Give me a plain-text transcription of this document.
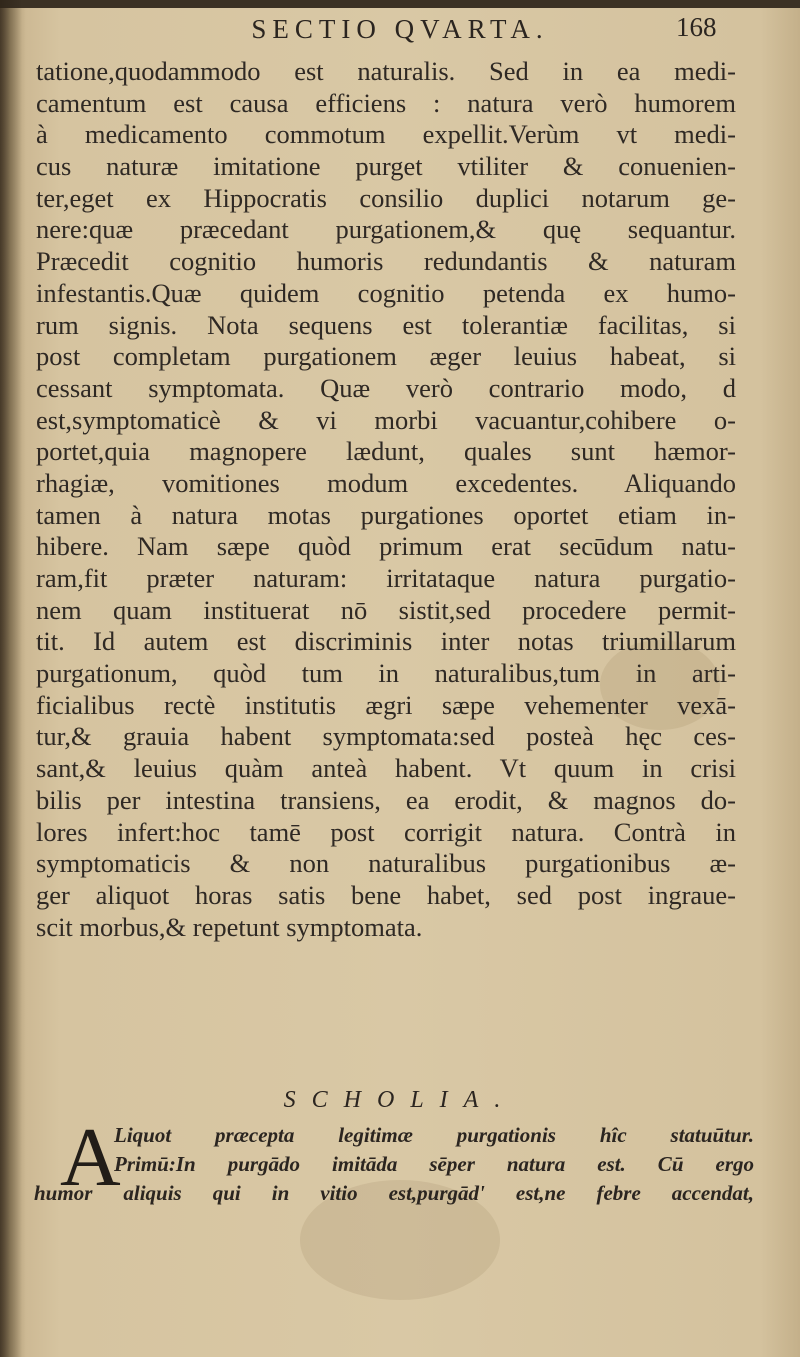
SECTIO QVARTA.	168
tatione,quodammodo est naturalis. Sed in ea medi-
camentum est causa efficiens : natura verò humorem
à medicamento commotum expellit.Verùm vt medi-
cus naturæ imitatione purget vtiliter & conuenien-
ter,eget ex Hippocratis consilio duplici notarum ge-
nere:quæ præcedant purgationem,& quę sequantur.
Præcedit cognitio humoris redundantis & naturam
infestantis.Quæ quidem cognitio petenda ex humo-
rum signis. Nota sequens est tolerantiæ facilitas, si
post completam purgationem æger leuius habeat, si
cessant symptomata. Quæ verò contrario modo, d
est,symptomaticè & vi morbi vacuantur,cohibere o-
portet,quia magnopere lædunt, quales sunt hæmor-
rhagiæ, vomitiones modum excedentes. Aliquando
tamen à natura motas purgationes oportet etiam in-
hibere. Nam sæpe quòd primum erat secūdum natu-
ram,fit præter naturam: irritataque natura purgatio-
nem quam instituerat nō sistit,sed procedere permit-
tit. Id autem est discriminis inter notas triumillarum
purgationum, quòd tum in naturalibus,tum in arti-
ficialibus rectè institutis ægri sæpe vehementer vexā-
tur,& grauia habent symptomata:sed posteà hęc ces-
sant,& leuius quàm anteà habent. Vt quum in crisi
bilis per intestina transiens, ea erodit, & magnos do-
lores infert:hoc tamē post corrigit natura. Contrà in
symptomaticis & non naturalibus purgationibus æ-
ger aliquot horas satis bene habet, sed post ingraue-
scit morbus,& repetunt symptomata.
SCHOLIA.
A
Liquot præcepta legitimæ purgationis hîc statuūtur.
Primū:In purgādo imitāda sēper natura est. Cū ergo
humor aliquis qui in vitio est,purgād' est,ne febre accendat,
